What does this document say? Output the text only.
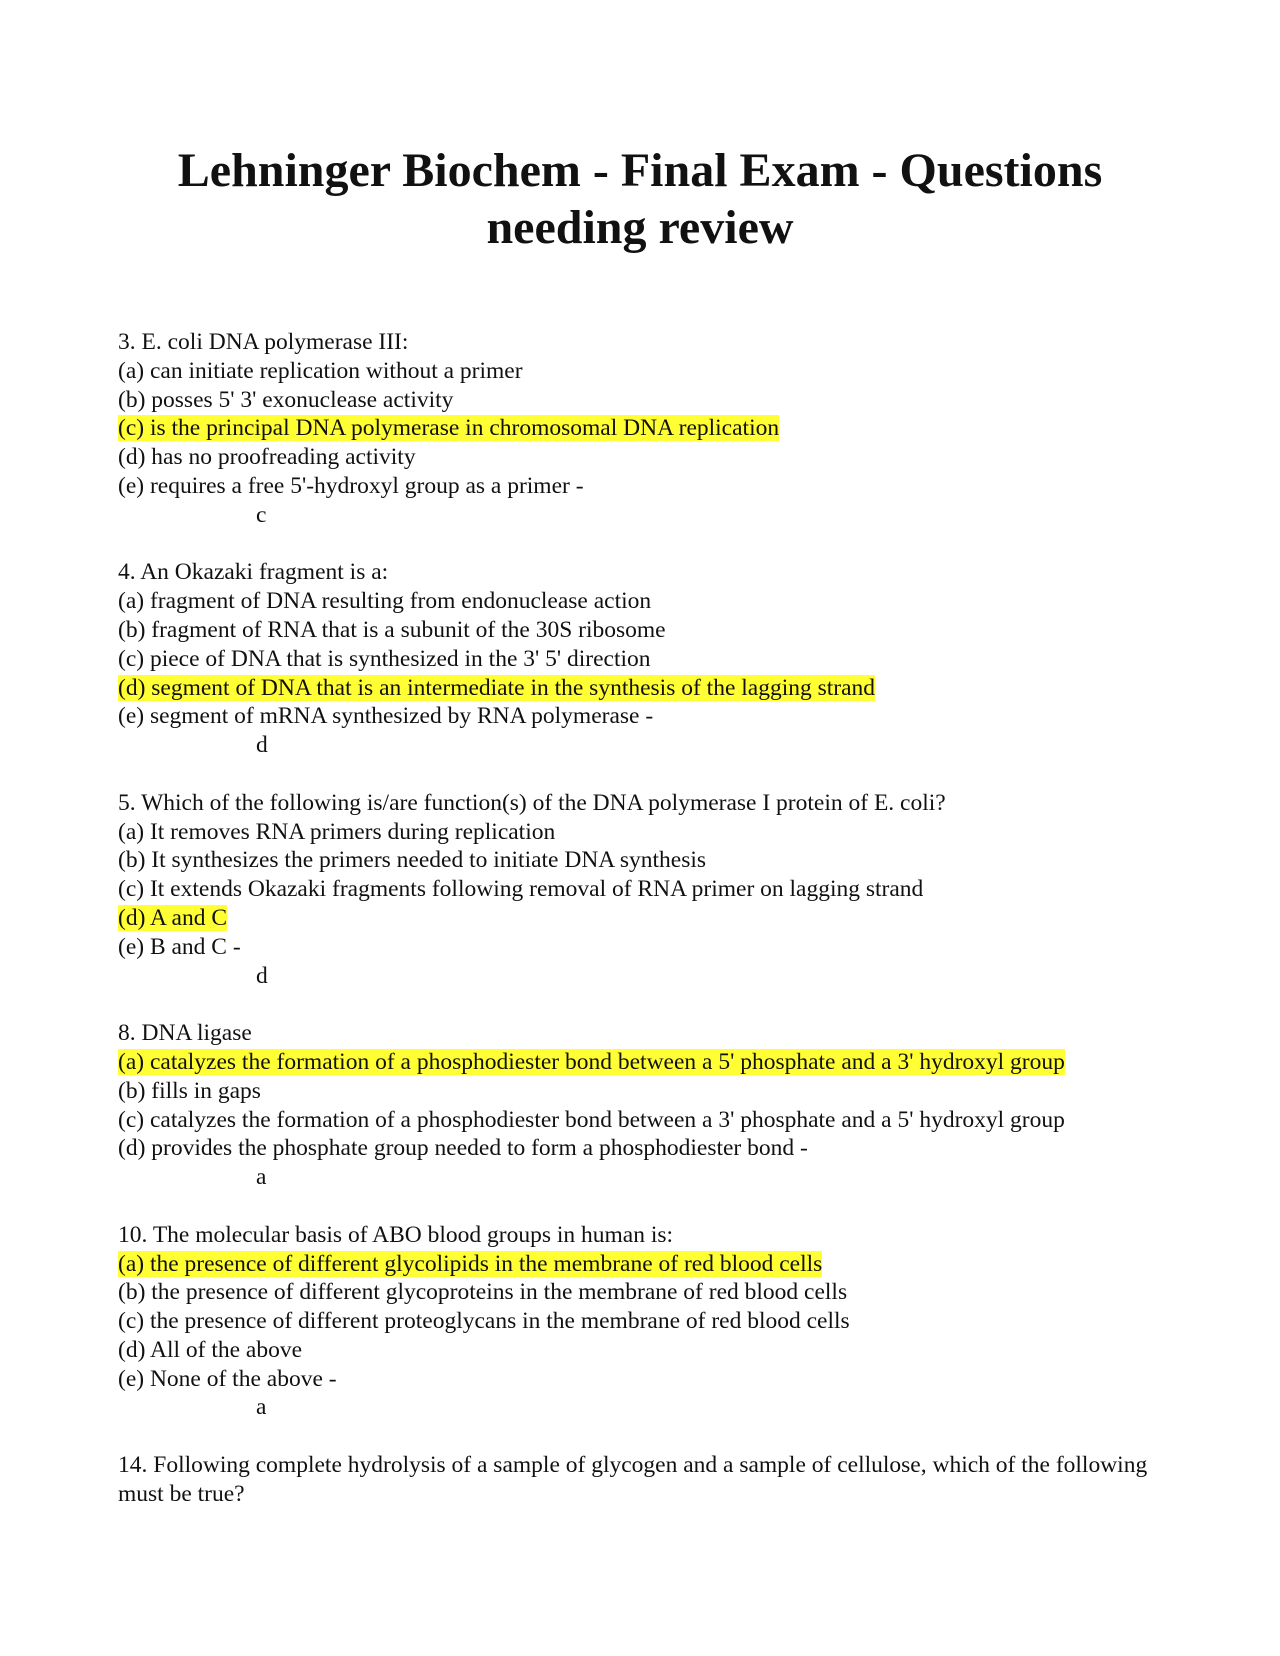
Lehninger Biochem - Final Exam - Questions
needing review
3. E. coli DNA polymerase III:
(a) can initiate replication without a primer
(b) posses 5' 3' exonuclease activity
(c) is the principal DNA polymerase in chromosomal DNA replication
(d) has no proofreading activity
(e) requires a free 5'-hydroxyl group as a primer -
c
4. An Okazaki fragment is a:
(a) fragment of DNA resulting from endonuclease action
(b) fragment of RNA that is a subunit of the 30S ribosome
(c) piece of DNA that is synthesized in the 3' 5' direction
(d) segment of DNA that is an intermediate in the synthesis of the lagging strand
(e) segment of mRNA synthesized by RNA polymerase -
d
5. Which of the following is/are function(s) of the DNA polymerase I protein of E. coli?
(a) It removes RNA primers during replication
(b) It synthesizes the primers needed to initiate DNA synthesis
(c) It extends Okazaki fragments following removal of RNA primer on lagging strand
(d) A and C
(e) B and C -
d
8. DNA ligase
(a) catalyzes the formation of a phosphodiester bond between a 5' phosphate and a 3' hydroxyl group
(b) fills in gaps
(c) catalyzes the formation of a phosphodiester bond between a 3' phosphate and a 5' hydroxyl group
(d) provides the phosphate group needed to form a phosphodiester bond -
a
10. The molecular basis of ABO blood groups in human is:
(a) the presence of different glycolipids in the membrane of red blood cells
(b) the presence of different glycoproteins in the membrane of red blood cells
(c) the presence of different proteoglycans in the membrane of red blood cells
(d) All of the above
(e) None of the above -
a
14. Following complete hydrolysis of a sample of glycogen and a sample of cellulose, which of the following must be true?
